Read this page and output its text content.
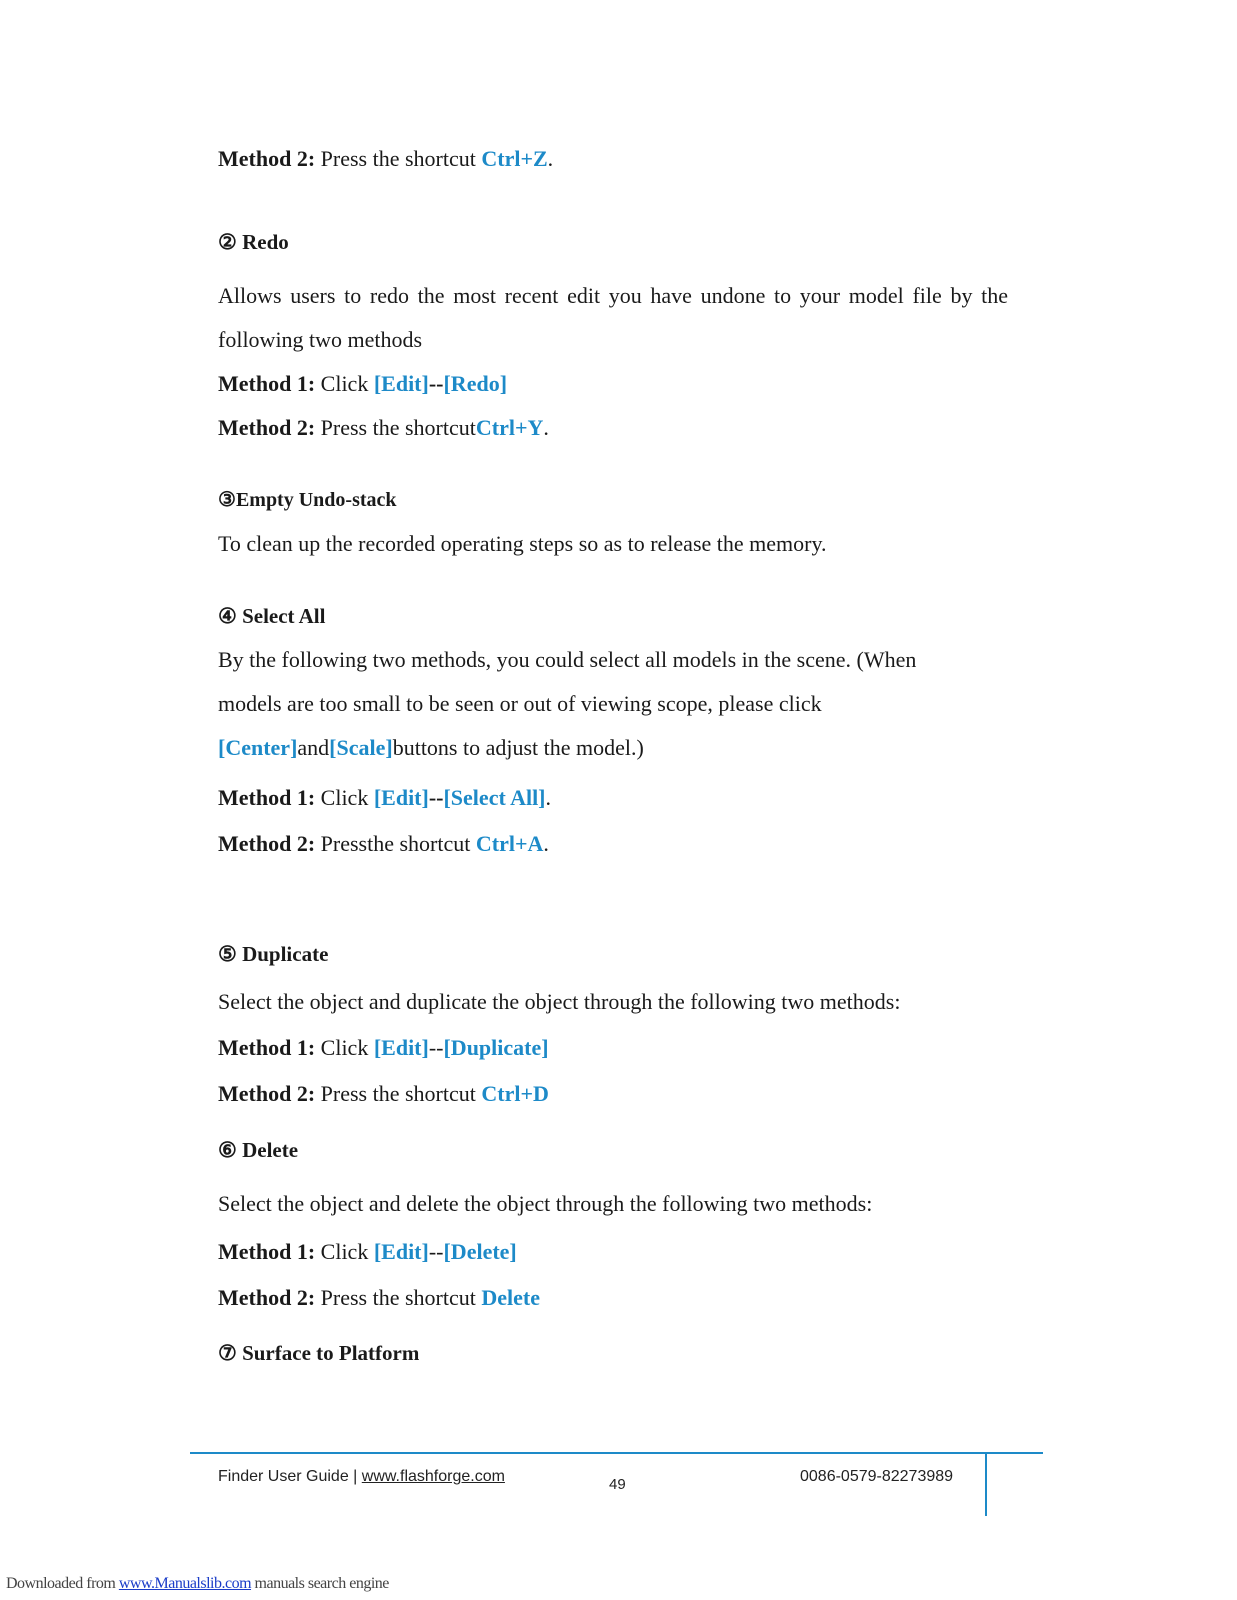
Method 2: Press the shortcut Ctrl+Z.
② Redo
Allows users to redo the most recent edit you have undone to your model file by the
following two methods
Method 1: Click [Edit]--[Redo]
Method 2: Press the shortcutCtrl+Y.
③Empty Undo-stack
To clean up the recorded operating steps so as to release the memory.
④ Select All
By the following two methods, you could select all models in the scene. (When
models are too small to be seen or out of viewing scope, please click
[Center]and[Scale]buttons to adjust the model.)
Method 1: Click [Edit]--[Select All].
Method 2: Pressthe shortcut Ctrl+A.
⑤ Duplicate
Select the object and duplicate the object through the following two methods:
Method 1: Click [Edit]--[Duplicate]
Method 2: Press the shortcut Ctrl+D
⑥ Delete
Select the object and delete the object through the following two methods:
Method 1: Click [Edit]--[Delete]
Method 2: Press the shortcut Delete
⑦ Surface to Platform
Finder User Guide | www.flashforge.com	49	0086-0579-82273989
Downloaded from www.Manualslib.com manuals search engine
